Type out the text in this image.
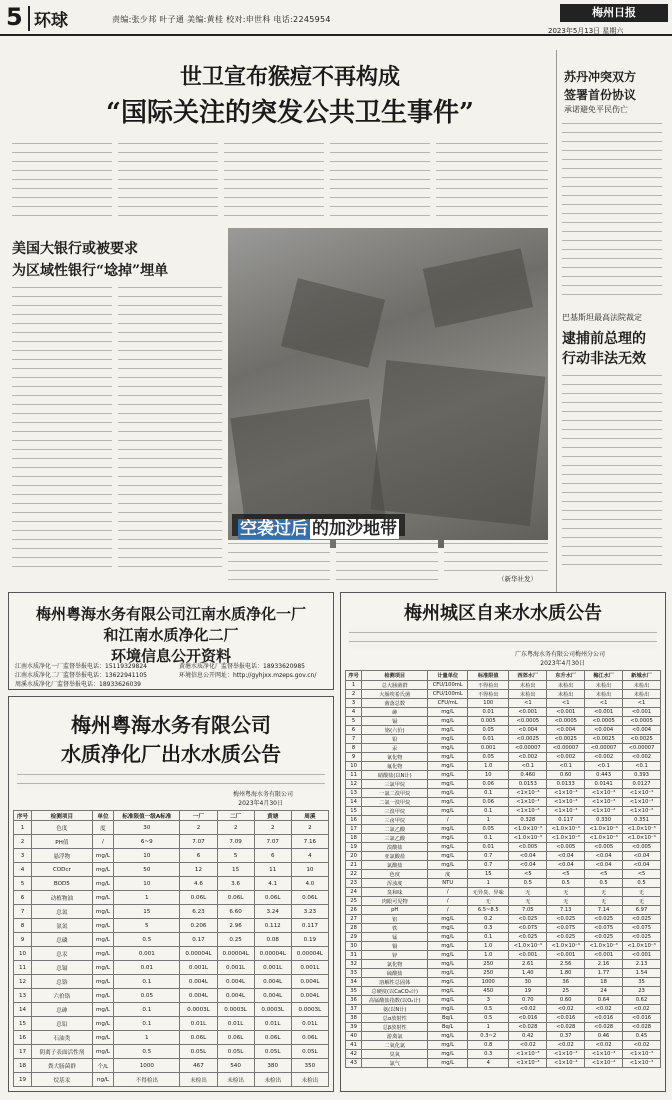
5 环球	责编:张少邦 叶子通 美编:黄桂 校对:申世科 电话:2245954
梅州日报
2023年5月13日 星期六
世卫宣布猴痘不再构成
“国际关注的突发公共卫生事件”
美国大银行或被要求
为区域性银行“埝掉”埋单
空袭过后 的加沙地带
（新华社发）
苏丹冲突双方
签署首份协议
承诺避免平民伤亡
巴基斯坦最高法院裁定
逮捕前总理的
行动非法无效
梅州粤海水务有限公司江南水质净化一厂
和江南水质净化二厂
环境信息公开资料
江南水质净化一厂监督举报电话：15119329824
江南水质净化二厂监督举报电话：13622941105
周溪水质净化厂监督举报电话：18933626039
黄塘水质净化厂监督举报电话：18933620985
环境信息公开网址：http://gyhjxx.mzeps.gov.cn/
梅州粤海水务有限公司
水质净化厂出水水质公告
梅州粤海水务有限公司
2023年4月30日
序号	检测项目	单位	标准限值一级A标准	一厂	二厂	黄塘	周溪
1	色度	度	30	2	2	2	2
2	PH值	/	6~9	7.07	7.09	7.07	7.16
3	悬浮物	mg/L	10	6	5	6	4
4	CODcr	mg/L	50	12	15	11	10
5	BOD5	mg/L	10	4.6	3.6	4.1	4.0
6	动植物油	mg/L	1	0.06L	0.06L	0.06L	0.06L
7	总氮	mg/L	15	6.23	6.60	3.24	3.23
8	氨氮	mg/L	5	0.206	2.96	0.112	0.117
9	总磷	mg/L	0.5	0.17	0.25	0.08	0.19
10	总汞	mg/L	0.001	0.00004L	0.00004L	0.00004L	0.00004L
11	总镉	mg/L	0.01	0.001L	0.001L	0.001L	0.001L
12	总铬	mg/L	0.1	0.004L	0.004L	0.004L	0.004L
13	六价铬	mg/L	0.05	0.004L	0.004L	0.004L	0.004L
14	总砷	mg/L	0.1	0.0003L	0.0003L	0.0003L	0.0003L
15	总铅	mg/L	0.1	0.01L	0.01L	0.01L	0.01L
16	石油类	mg/L	1	0.06L	0.06L	0.06L	0.06L
17	阴离子表面活性剂	mg/L	0.5	0.05L	0.05L	0.05L	0.05L
18	粪大肠菌群	个/L	1000	467	540	380	350
19	烷基汞	ng/L	不得检出	未检出	未检出	未检出	未检出
梅州城区自来水水质公告
广东粤海水务有限公司梅州分公司
2023年4月30日
序号	检测项目	计量单位	标准限值	西郊水厂	东升水厂	梅江水厂	新城水厂
1	总大肠菌群	CFU/100mL	不得检出	未检出	未检出	未检出	未检出
2	大肠埃希氏菌	CFU/100mL	不得检出	未检出	未检出	未检出	未检出
3	菌落总数	CFU/mL	100	<1	<1	<1	<1
4	砷	mg/L	0.01	<0.001	<0.001	<0.001	<0.001
5	镉	mg/L	0.005	<0.0005	<0.0005	<0.0005	<0.0005
6	铬(六价)	mg/L	0.05	<0.004	<0.004	<0.004	<0.004
7	铅	mg/L	0.01	<0.0025	<0.0025	<0.0025	<0.0025
8	汞	mg/L	0.001	<0.00007	<0.00007	<0.00007	<0.00007
9	氰化物	mg/L	0.05	<0.002	<0.002	<0.002	<0.002
10	氟化物	mg/L	1.0	<0.1	<0.1	<0.1	<0.1
11	硝酸盐(以N计)	mg/L	10	0.460	0.60	0.443	0.393
12	三氯甲烷	mg/L	0.06	0.0153	0.0133	0.0141	0.0127
13	一氯二溴甲烷	mg/L	0.1	<1×10⁻³	<1×10⁻³	<1×10⁻³	<1×10⁻³
14	二氯一溴甲烷	mg/L	0.06	<1×10⁻³	<1×10⁻³	<1×10⁻³	<1×10⁻³
15	三溴甲烷	mg/L	0.1	<1×10⁻³	<1×10⁻³	<1×10⁻³	<1×10⁻³
16	三卤甲烷	/	1	0.328	0.117	0.330	0.351
17	二氯乙酸	mg/L	0.05	<1.0×10⁻³	<1.0×10⁻³	<1.0×10⁻³	<1.0×10⁻³
18	三氯乙酸	mg/L	0.1	<1.0×10⁻³	<1.0×10⁻³	<1.0×10⁻³	<1.0×10⁻³
19	溴酸盐	mg/L	0.01	<0.005	<0.005	<0.005	<0.005
20	亚氯酸盐	mg/L	0.7	<0.04	<0.04	<0.04	<0.04
21	氯酸盐	mg/L	0.7	<0.04	<0.04	<0.04	<0.04
22	色度	度	15	<5	<5	<5	<5
23	浑浊度	NTU	1	0.5	0.5	0.5	0.5
24	臭和味	/	无异臭、异味	无	无	无	无
25	肉眼可见物	/	无	无	无	无	无
26	pH	/	6.5~8.5	7.05	7.13	7.14	6.97
27	铝	mg/L	0.2	<0.025	<0.025	<0.025	<0.025
28	铁	mg/L	0.3	<0.075	<0.075	<0.075	<0.075
29	锰	mg/L	0.1	<0.025	<0.025	<0.025	<0.025
30	铜	mg/L	1.0	<1.0×10⁻³	<1.0×10⁻³	<1.0×10⁻³	<1.0×10⁻³
31	锌	mg/L	1.0	<0.001	<0.001	<0.001	<0.001
32	氯化物	mg/L	250	2.61	2.56	2.16	2.13
33	硫酸盐	mg/L	250	1.40	1.80	1.77	1.54
34	溶解性总固体	mg/L	1000	30	36	18	35
35	总硬度(以CaCO₃计)	mg/L	450	19	25	24	23
36	高锰酸盐指数(以O₂计)	mg/L	3	0.70	0.60	0.64	0.62
37	氨(以N计)	mg/L	0.5	<0.02	<0.02	<0.02	<0.02
38	总α放射性	Bq/L	0.5	<0.016	<0.016	<0.016	<0.016
39	总β放射性	Bq/L	1	<0.028	<0.028	<0.028	<0.028
40	游离氯	mg/L	0.3~2	0.42	0.37	0.46	0.45
41	二氧化氯	mg/L	0.8	<0.02	<0.02	<0.02	<0.02
42	臭氧	mg/L	0.3	<1×10⁻³	<1×10⁻³	<1×10⁻³	<1×10⁻³
43	氯气	mg/L	4	<1×10⁻³	<1×10⁻³	<1×10⁻³	<1×10⁻³
